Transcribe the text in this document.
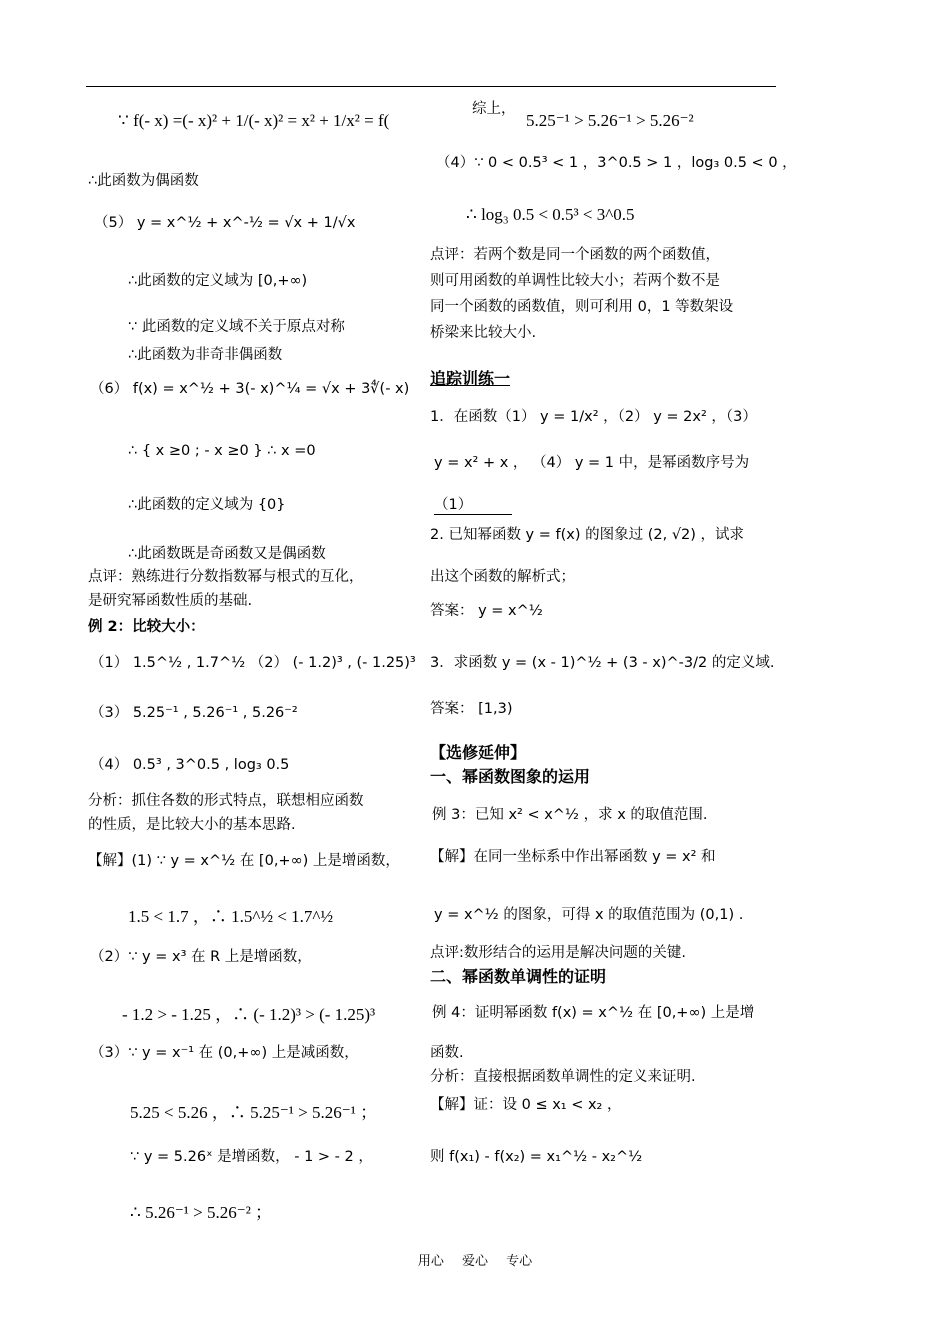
∵ f(- x) =(- x)² + 1/(- x)² = x² + 1/x² = f(
∴此函数为偶函数
（5） y = x^½ + x^-½ = √x + 1/√x
∴此函数的定义域为 [0,+∞)
∵ 此函数的定义域不关于原点对称
∴此函数为非奇非偶函数
（6） f(x) = x^½ + 3(- x)^¼ = √x + 3∜(- x)
∴ { x ≥0 ; - x ≥0 } ∴ x =0
∴此函数的定义域为 {0}
∴此函数既是奇函数又是偶函数
点评：熟练进行分数指数幂与根式的互化，
是研究幂函数性质的基础.
例 2：比较大小：
（1） 1.5^½ , 1.7^½ （2） (- 1.2)³ , (- 1.25)³
（3） 5.25⁻¹ , 5.26⁻¹ , 5.26⁻²
（4） 0.5³ , 3^0.5 , log₃ 0.5
分析：抓住各数的形式特点，联想相应函数
的性质，是比较大小的基本思路.
【解】(1) ∵ y = x^½ 在 [0,+∞) 上是增函数，
1.5 < 1.7 ，∴ 1.5^½ < 1.7^½
（2）∵ y = x³ 在 R 上是增函数，
- 1.2 > - 1.25 ，∴ (- 1.2)³ > (- 1.25)³
（3）∵ y = x⁻¹ 在 (0,+∞) 上是减函数，
5.25 < 5.26 ，∴ 5.25⁻¹ > 5.26⁻¹ ；
∵ y = 5.26ˣ 是增函数， - 1 > - 2 ，
∴ 5.26⁻¹ > 5.26⁻² ；
综上，
5.25⁻¹ > 5.26⁻¹ > 5.26⁻²
（4）∵ 0 < 0.5³ < 1 ，3^0.5 > 1 ，log₃ 0.5 < 0 ，
∴ log₃ 0.5 < 0.5³ < 3^0.5
点评：若两个数是同一个函数的两个函数值，
则可用函数的单调性比较大小；若两个数不是
同一个函数的函数值，则可利用 0，1 等数架设
桥梁来比较大小.
追踪训练一
1．在函数（1） y = 1/x² ，（2） y = 2x² ，（3）
y = x² + x ， （4） y = 1 中，是幂函数序号为
（1）
2. 已知幂函数 y = f(x) 的图象过 (2, √2) ，试求
出这个函数的解析式；
答案： y = x^½
3．求函数 y = (x - 1)^½ + (3 - x)^-3/2 的定义域.
答案： [1,3)
【选修延伸】
一、幂函数图象的运用
例 3：已知 x² < x^½ ，求 x 的取值范围.
【解】在同一坐标系中作出幂函数 y = x² 和
y = x^½ 的图象，可得 x 的取值范围为 (0,1) .
点评:数形结合的运用是解决问题的关键.
二、幂函数单调性的证明
例 4：证明幂函数 f(x) = x^½ 在 [0,+∞) 上是增
函数.
分析：直接根据函数单调性的定义来证明.
【解】证：设 0 ≤ x₁ < x₂ ，
则 f(x₁) - f(x₂) = x₁^½ - x₂^½
用心 爱心 专心
